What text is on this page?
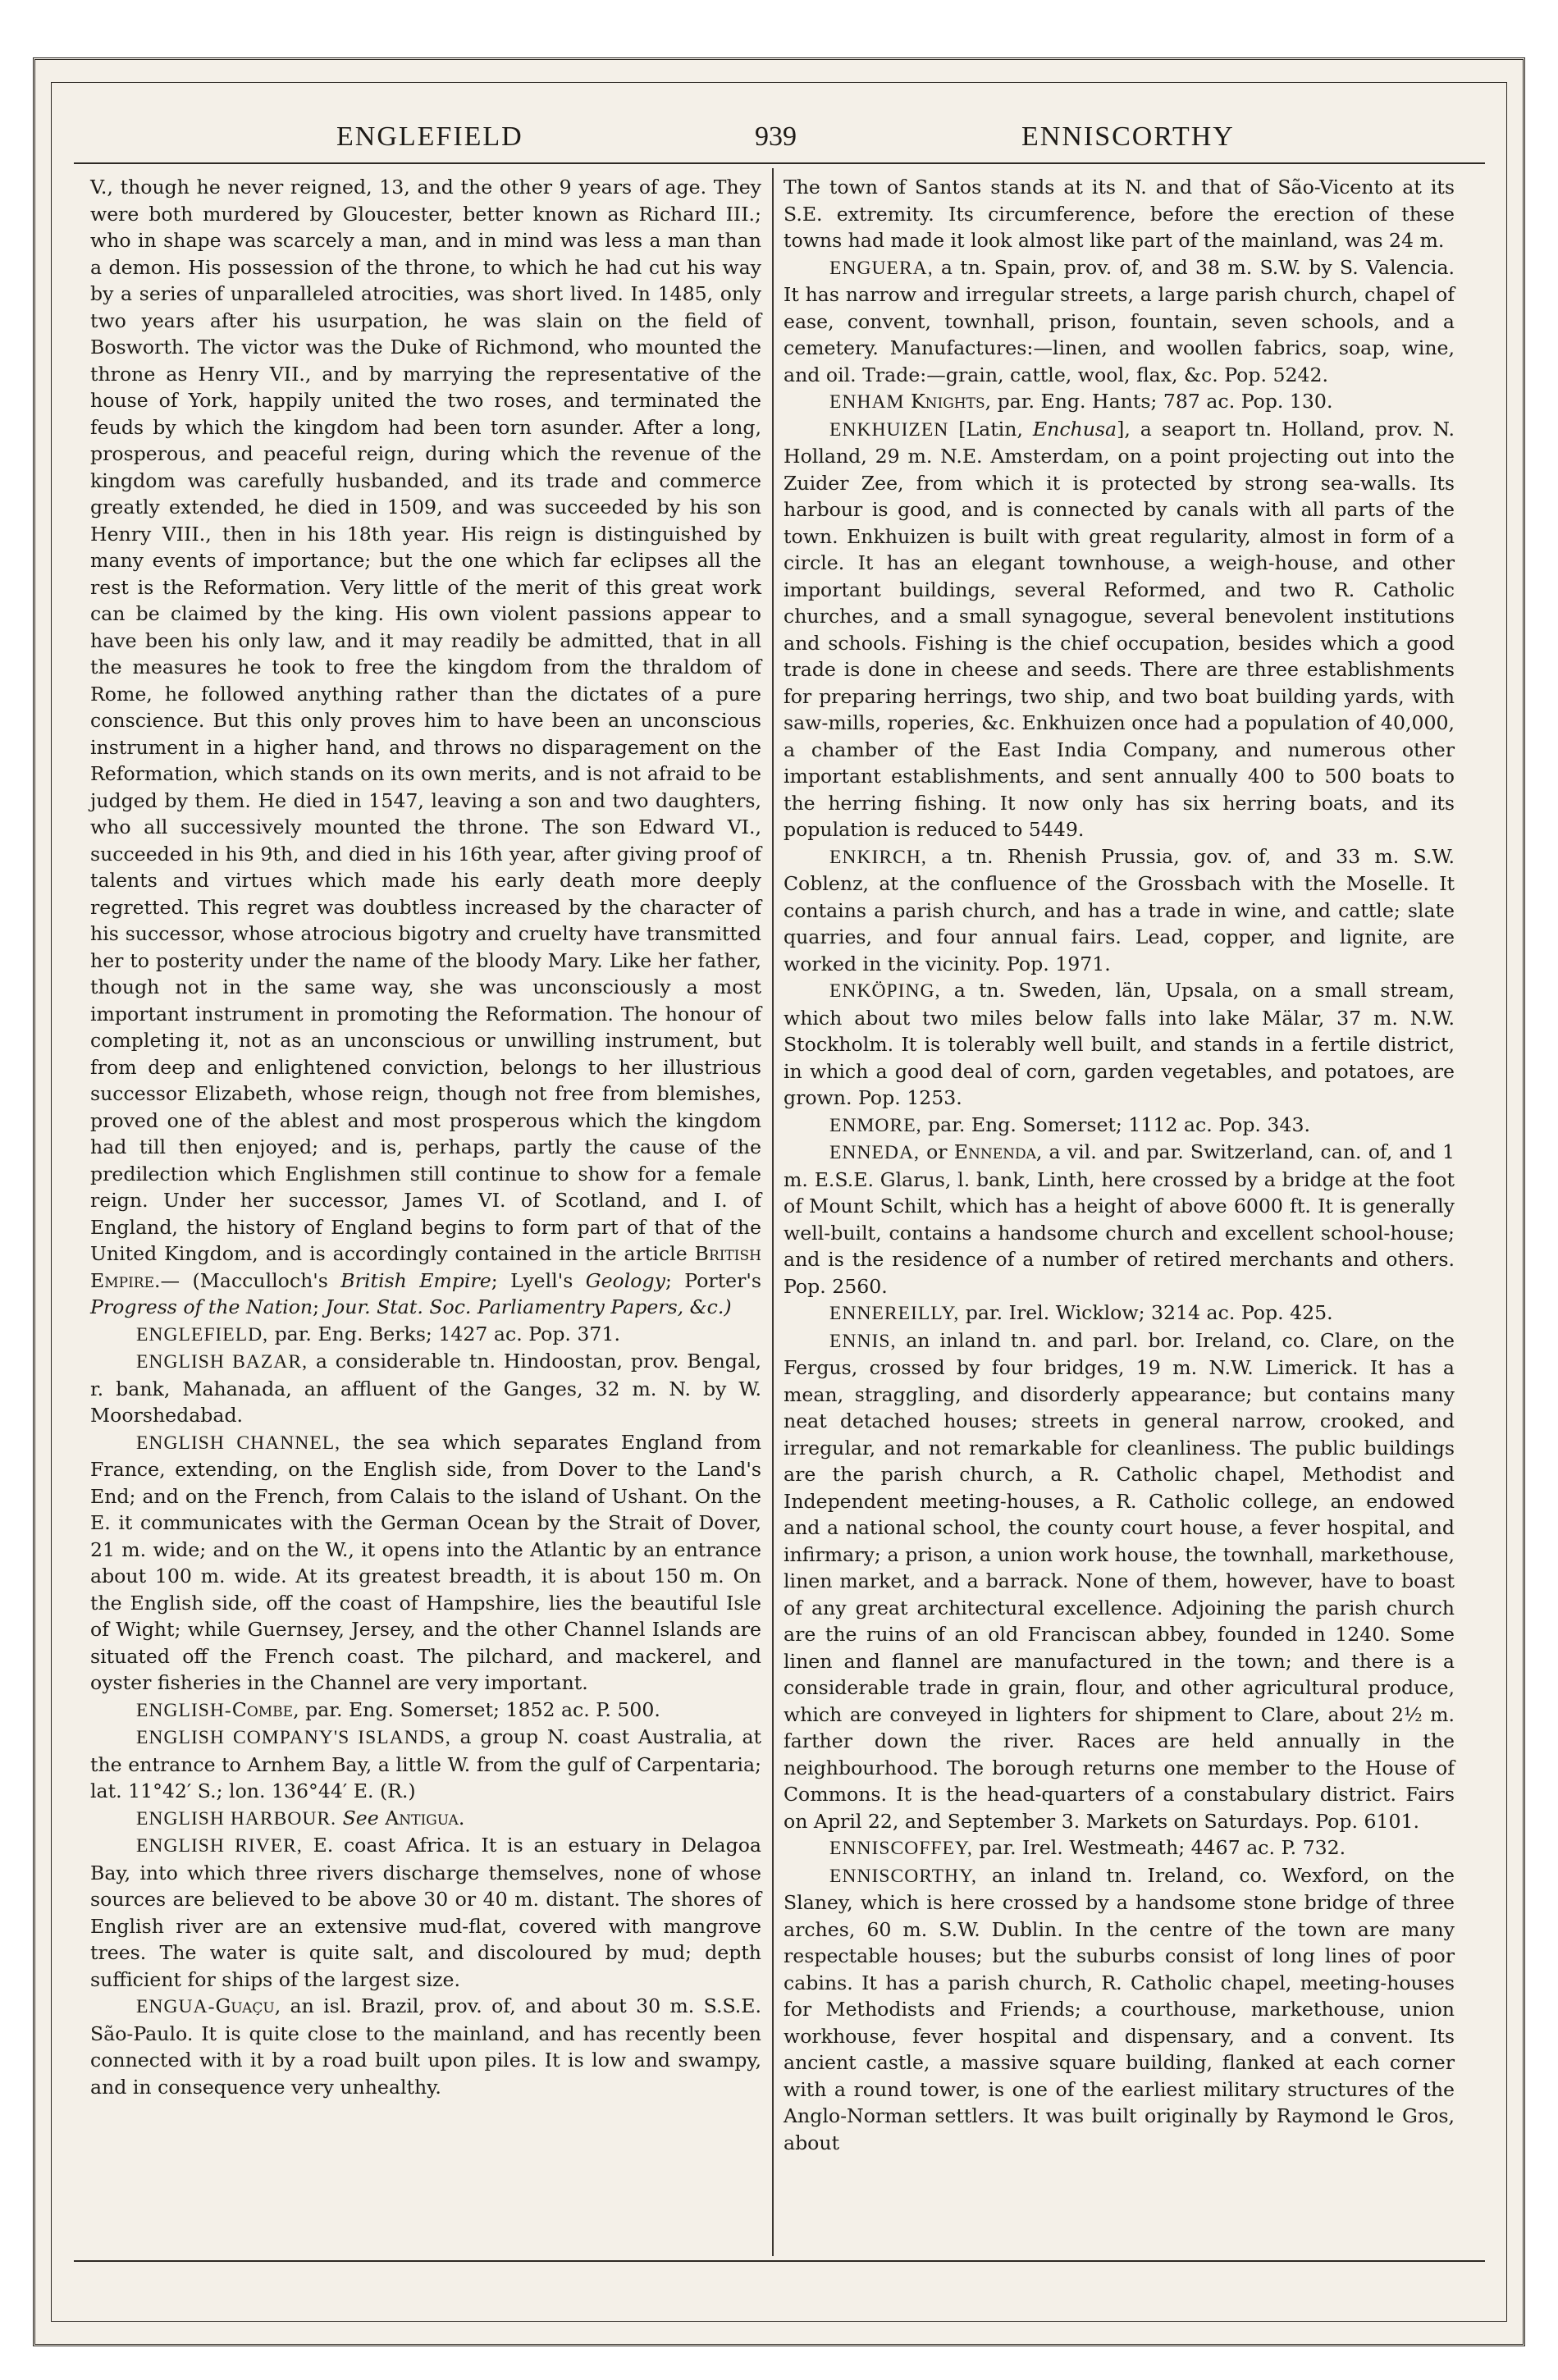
ENGLEFIELD	939	ENNISCORTHY

V., though he never reigned, 13, and the other 9 years of age. They were both murdered by Gloucester, better known as Richard III.; who in shape was scarcely a man, and in mind was less a man than a demon. His possession of the throne, to which he had cut his way by a series of unparalleled atrocities, was short lived. In 1485, only two years after his usurpation, he was slain on the field of Bosworth. The victor was the Duke of Richmond, who mounted the throne as Henry VII., and by marrying the representative of the house of York, happily united the two roses, and terminated the feuds by which the kingdom had been torn asunder. After a long, prosperous, and peaceful reign, during which the revenue of the kingdom was carefully husbanded, and its trade and commerce greatly extended, he died in 1509, and was succeeded by his son Henry VIII., then in his 18th year. His reign is distinguished by many events of importance; but the one which far eclipses all the rest is the Reformation. Very little of the merit of this great work can be claimed by the king. His own violent passions appear to have been his only law, and it may readily be admitted, that in all the measures he took to free the kingdom from the thraldom of Rome, he followed anything rather than the dictates of a pure conscience. But this only proves him to have been an unconscious instrument in a higher hand, and throws no disparagement on the Reformation, which stands on its own merits, and is not afraid to be judged by them. He died in 1547, leaving a son and two daughters, who all successively mounted the throne. The son Edward VI., succeeded in his 9th, and died in his 16th year, after giving proof of talents and virtues which made his early death more deeply regretted. This regret was doubtless increased by the character of his successor, whose atrocious bigotry and cruelty have transmitted her to posterity under the name of the bloody Mary. Like her father, though not in the same way, she was unconsciously a most important instrument in promoting the Reformation. The honour of completing it, not as an unconscious or unwilling instrument, but from deep and enlightened conviction, belongs to her illustrious successor Elizabeth, whose reign, though not free from blemishes, proved one of the ablest and most prosperous which the kingdom had till then enjoyed; and is, perhaps, partly the cause of the predilection which Englishmen still continue to show for a female reign. Under her successor, James VI. of Scotland, and I. of England, the history of England begins to form part of that of the United Kingdom, and is accordingly contained in the article British Empire.— (Macculloch's British Empire; Lyell's Geology; Porter's Progress of the Nation; Jour. Stat. Soc. Parliamentry Papers, &c.)

ENGLEFIELD, par. Eng. Berks; 1427 ac. Pop. 371.

ENGLISH BAZAR, a considerable tn. Hindoostan, prov. Bengal, r. bank, Mahanada, an affluent of the Ganges, 32 m. N. by W. Moorshedabad.

ENGLISH CHANNEL, the sea which separates England from France, extending, on the English side, from Dover to the Land's End; and on the French, from Calais to the island of Ushant. On the E. it communicates with the German Ocean by the Strait of Dover, 21 m. wide; and on the W., it opens into the Atlantic by an entrance about 100 m. wide. At its greatest breadth, it is about 150 m. On the English side, off the coast of Hampshire, lies the beautiful Isle of Wight; while Guernsey, Jersey, and the other Channel Islands are situated off the French coast. The pilchard, and mackerel, and oyster fisheries in the Channel are very important.

ENGLISH-Combe, par. Eng. Somerset; 1852 ac. P. 500.

ENGLISH COMPANY'S ISLANDS, a group N. coast Australia, at the entrance to Arnhem Bay, a little W. from the gulf of Carpentaria; lat. 11°42′ S.; lon. 136°44′ E. (R.)

ENGLISH HARBOUR. See Antigua.

ENGLISH RIVER, E. coast Africa. It is an estuary in Delagoa Bay, into which three rivers discharge themselves, none of whose sources are believed to be above 30 or 40 m. distant. The shores of English river are an extensive mud-flat, covered with mangrove trees. The water is quite salt, and discoloured by mud; depth sufficient for ships of the largest size.

ENGUA-Guaçu, an isl. Brazil, prov. of, and about 30 m. S.S.E. São-Paulo. It is quite close to the mainland, and has recently been connected with it by a road built upon piles. It is low and swampy, and in consequence very unhealthy.

The town of Santos stands at its N. and that of São-Vicento at its S.E. extremity. Its circumference, before the erection of these towns had made it look almost like part of the mainland, was 24 m.

ENGUERA, a tn. Spain, prov. of, and 38 m. S.W. by S. Valencia. It has narrow and irregular streets, a large parish church, chapel of ease, convent, townhall, prison, fountain, seven schools, and a cemetery. Manufactures:—linen, and woollen fabrics, soap, wine, and oil. Trade:—grain, cattle, wool, flax, &c. Pop. 5242.

ENHAM Knights, par. Eng. Hants; 787 ac. Pop. 130.

ENKHUIZEN [Latin, Enchusa], a seaport tn. Holland, prov. N. Holland, 29 m. N.E. Amsterdam, on a point projecting out into the Zuider Zee, from which it is protected by strong sea-walls. Its harbour is good, and is connected by canals with all parts of the town. Enkhuizen is built with great regularity, almost in form of a circle. It has an elegant townhouse, a weigh-house, and other important buildings, several Reformed, and two R. Catholic churches, and a small synagogue, several benevolent institutions and schools. Fishing is the chief occupation, besides which a good trade is done in cheese and seeds. There are three establishments for preparing herrings, two ship, and two boat building yards, with saw-mills, roperies, &c. Enkhuizen once had a population of 40,000, a chamber of the East India Company, and numerous other important establishments, and sent annually 400 to 500 boats to the herring fishing. It now only has six herring boats, and its population is reduced to 5449.

ENKIRCH, a tn. Rhenish Prussia, gov. of, and 33 m. S.W. Coblenz, at the confluence of the Grossbach with the Moselle. It contains a parish church, and has a trade in wine, and cattle; slate quarries, and four annual fairs. Lead, copper, and lignite, are worked in the vicinity. Pop. 1971.

ENKÖPING, a tn. Sweden, län, Upsala, on a small stream, which about two miles below falls into lake Mälar, 37 m. N.W. Stockholm. It is tolerably well built, and stands in a fertile district, in which a good deal of corn, garden vegetables, and potatoes, are grown. Pop. 1253.

ENMORE, par. Eng. Somerset; 1112 ac. Pop. 343.

ENNEDA, or Ennenda, a vil. and par. Switzerland, can. of, and 1 m. E.S.E. Glarus, l. bank, Linth, here crossed by a bridge at the foot of Mount Schilt, which has a height of above 6000 ft. It is generally well-built, contains a handsome church and excellent school-house; and is the residence of a number of retired merchants and others. Pop. 2560.

ENNEREILLY, par. Irel. Wicklow; 3214 ac. Pop. 425.

ENNIS, an inland tn. and parl. bor. Ireland, co. Clare, on the Fergus, crossed by four bridges, 19 m. N.W. Limerick. It has a mean, straggling, and disorderly appearance; but contains many neat detached houses; streets in general narrow, crooked, and irregular, and not remarkable for cleanliness. The public buildings are the parish church, a R. Catholic chapel, Methodist and Independent meeting-houses, a R. Catholic college, an endowed and a national school, the county court house, a fever hospital, and infirmary; a prison, a union work house, the townhall, markethouse, linen market, and a barrack. None of them, however, have to boast of any great architectural excellence. Adjoining the parish church are the ruins of an old Franciscan abbey, founded in 1240. Some linen and flannel are manufactured in the town; and there is a considerable trade in grain, flour, and other agricultural produce, which are conveyed in lighters for shipment to Clare, about 2½ m. farther down the river. Races are held annually in the neighbourhood. The borough returns one member to the House of Commons. It is the head-quarters of a constabulary district. Fairs on April 22, and September 3. Markets on Saturdays. Pop. 6101.

ENNISCOFFEY, par. Irel. Westmeath; 4467 ac. P. 732.

ENNISCORTHY, an inland tn. Ireland, co. Wexford, on the Slaney, which is here crossed by a handsome stone bridge of three arches, 60 m. S.W. Dublin. In the centre of the town are many respectable houses; but the suburbs consist of long lines of poor cabins. It has a parish church, R. Catholic chapel, meeting-houses for Methodists and Friends; a courthouse, markethouse, union workhouse, fever hospital and dispensary, and a convent. Its ancient castle, a massive square building, flanked at each corner with a round tower, is one of the earliest military structures of the Anglo-Norman settlers. It was built originally by Raymond le Gros, about
